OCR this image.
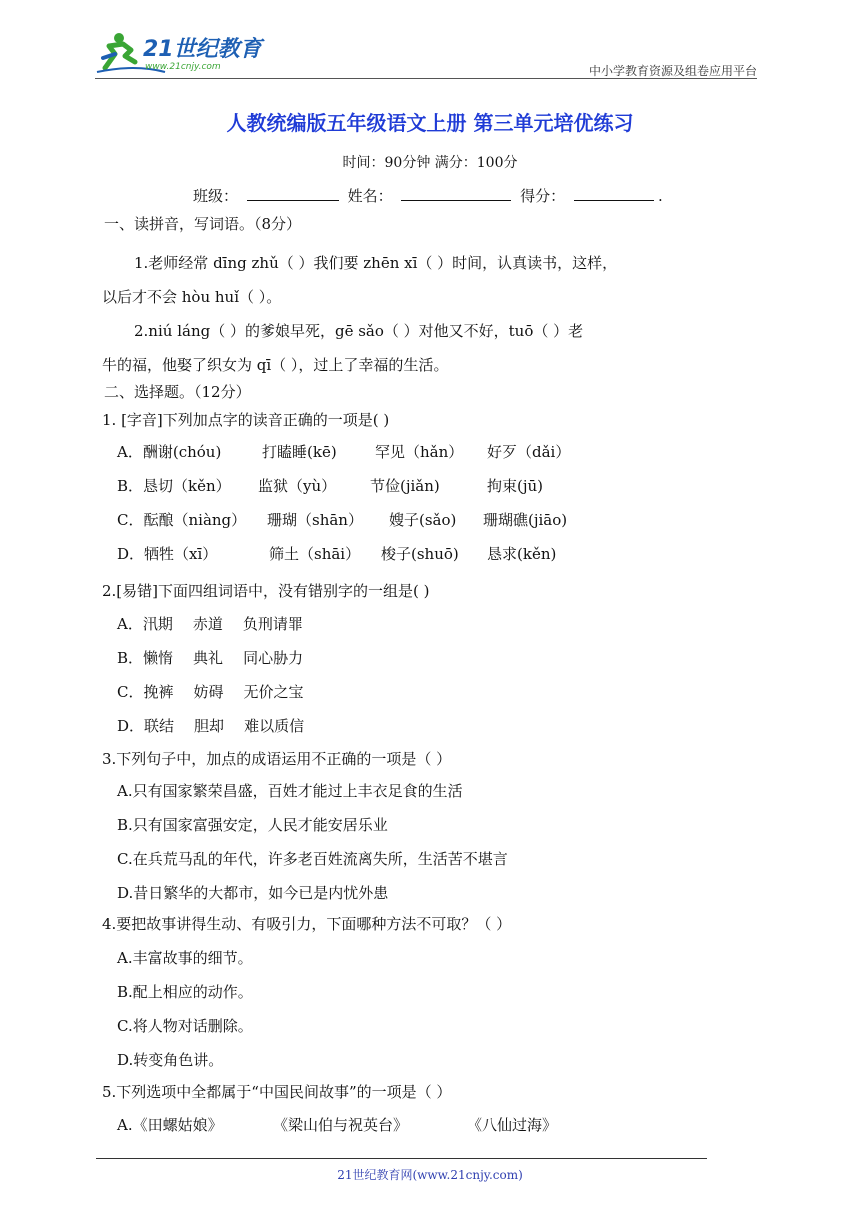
21世纪教育
www.21cnjy.com	中小学教育资源及组卷应用平台
人教统编版五年级语文上册 第三单元培优练习
时间：90分钟 满分：100分
班级：	姓名：	得分：	.
一、读拼音，写词语。（8分）
1.老师经常 dīng zhǔ（ ）我们要 zhēn xī（ ）时间，认真读书，这样，
以后才不会 hòu huǐ（ ）。
2.niú láng（ ）的爹娘早死，gē sǎo（ ）对他又不好，tuō（ ）老
牛的福，他娶了织女为 qī（ ），过上了幸福的生活。
二、选择题。（12分）
1. [字音]下列加点字的读音正确的一项是( )
A．酬谢(chóu)	打瞌睡(kē)	罕见（hǎn） 好歹（dǎi）
B．恳切（kěn） 监狱（yù） 节俭(jiǎn)	拘束(jū)
C．酝酿（niàng） 珊瑚（shān） 嫂子(sǎo) 珊瑚礁(jiāo)
D．牺牲（xī）	筛土（shāi） 梭子(shuō) 恳求(kěn)
2.[易错]下面四组词语中，没有错别字的一组是( )
A．汛期 赤道 负刑请罪
B．懒惰 典礼 同心胁力
C．挽裤 妨碍 无价之宝
D．联结 胆却 难以质信
3.下列句子中，加点的成语运用不正确的一项是（ ）
A.只有国家繁荣昌盛，百姓才能过上丰衣足食的生活
B.只有国家富强安定，人民才能安居乐业
C.在兵荒马乱的年代，许多老百姓流离失所，生活苦不堪言
D.昔日繁华的大都市，如今已是内忧外患
4.要把故事讲得生动、有吸引力，下面哪种方法不可取？（ ）
A.丰富故事的细节。
B.配上相应的动作。
C.将人物对话删除。
D.转变角色讲。
5.下列选项中全都属于“中国民间故事”的一项是（ ）
A.《田螺姑娘》	《梁山伯与祝英台》	《八仙过海》
21世纪教育网(www.21cnjy.com)
